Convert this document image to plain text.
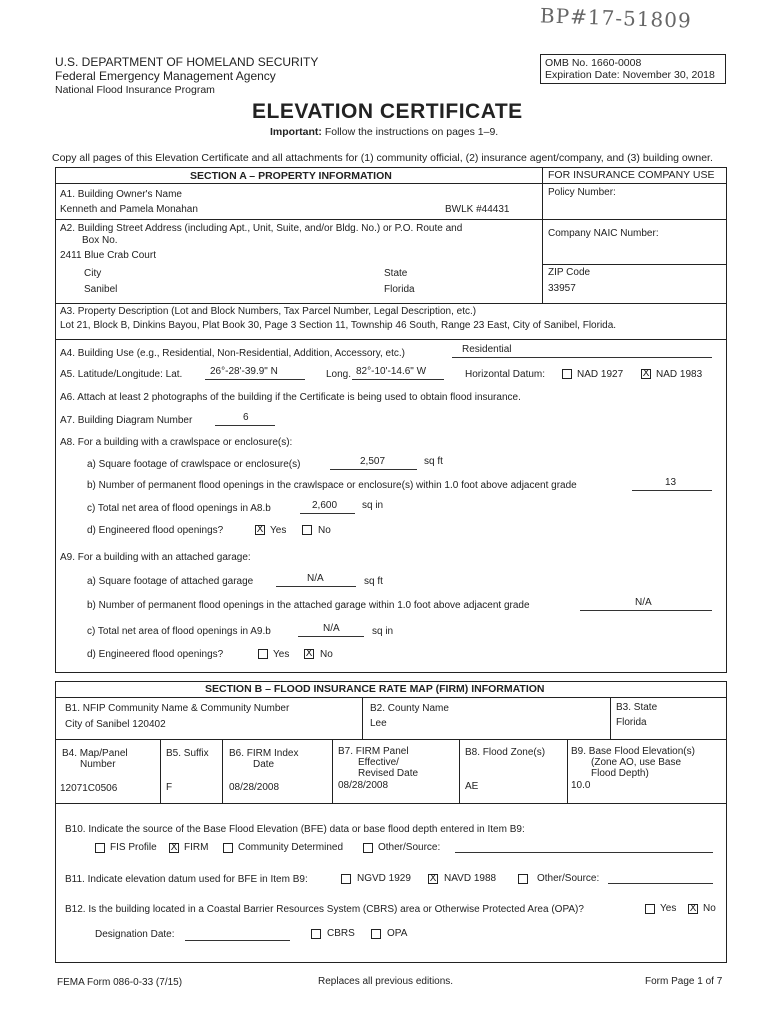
BP#17-51809
U.S. DEPARTMENT OF HOMELAND SECURITY
Federal Emergency Management Agency
National Flood Insurance Program
OMB No. 1660-0008
Expiration Date: November 30, 2018
ELEVATION CERTIFICATE
Important: Follow the instructions on pages 1–9.
Copy all pages of this Elevation Certificate and all attachments for (1) community official, (2) insurance agent/company, and (3) building owner.
SECTION A – PROPERTY INFORMATION	FOR INSURANCE COMPANY USE
A1. Building Owner's Name
Kenneth and Pamela Monahan	BWLK #44431
Policy Number:
A2. Building Street Address (including Apt., Unit, Suite, and/or Bldg. No.) or P.O. Route and
Box No.
2411 Blue Crab Court
Company NAIC Number:
City
Sanibel
State
Florida
ZIP Code
33957
A3. Property Description (Lot and Block Numbers, Tax Parcel Number, Legal Description, etc.)
Lot 21, Block B, Dinkins Bayou, Plat Book 30, Page 3 Section 11, Township 46 South, Range 23 East, City of Sanibel, Florida.
A4. Building Use (e.g., Residential, Non-Residential, Addition, Accessory, etc.)	Residential
A5. Latitude/Longitude: Lat.	26°-28'-39.9" N	Long. 82°-10'-14.6" W	Horizontal Datum:	NAD 1927 X NAD 1983
A6. Attach at least 2 photographs of the building if the Certificate is being used to obtain flood insurance.
A7. Building Diagram Number	6
A8. For a building with a crawlspace or enclosure(s):
a) Square footage of crawlspace or enclosure(s)	2,507	sq ft
b) Number of permanent flood openings in the crawlspace or enclosure(s) within 1.0 foot above adjacent grade	13
c) Total net area of flood openings in A8.b	2,600 sq in
d) Engineered flood openings?	X Yes	No
A9. For a building with an attached garage:
a) Square footage of attached garage	N/A	sq ft
b) Number of permanent flood openings in the attached garage within 1.0 foot above adjacent grade	N/A
c) Total net area of flood openings in A9.b	N/A	sq in
d) Engineered flood openings?	Yes X No
SECTION B – FLOOD INSURANCE RATE MAP (FIRM) INFORMATION
B1. NFIP Community Name & Community Number
City of Sanibel 120402
B2. County Name
Lee
B3. State
Florida
B4. Map/Panel
Number
12071C0506
B5. Suffix
F
B6. FIRM Index
Date
08/28/2008
B7. FIRM Panel
Effective/
Revised Date
08/28/2008
B8. Flood Zone(s)
AE
B9. Base Flood Elevation(s)
(Zone AO, use Base
Flood Depth)
10.0
B10. Indicate the source of the Base Flood Elevation (BFE) data or base flood depth entered in Item B9:
FIS Profile X FIRM	Community Determined	Other/Source:
B11. Indicate elevation datum used for BFE in Item B9:	NGVD 1929 X NAVD 1988	Other/Source:
B12. Is the building located in a Coastal Barrier Resources System (CBRS) area or Otherwise Protected Area (OPA)?	Yes X No
Designation Date:	CBRS	OPA
FEMA Form 086-0-33 (7/15)	Replaces all previous editions.	Form Page 1 of 7
